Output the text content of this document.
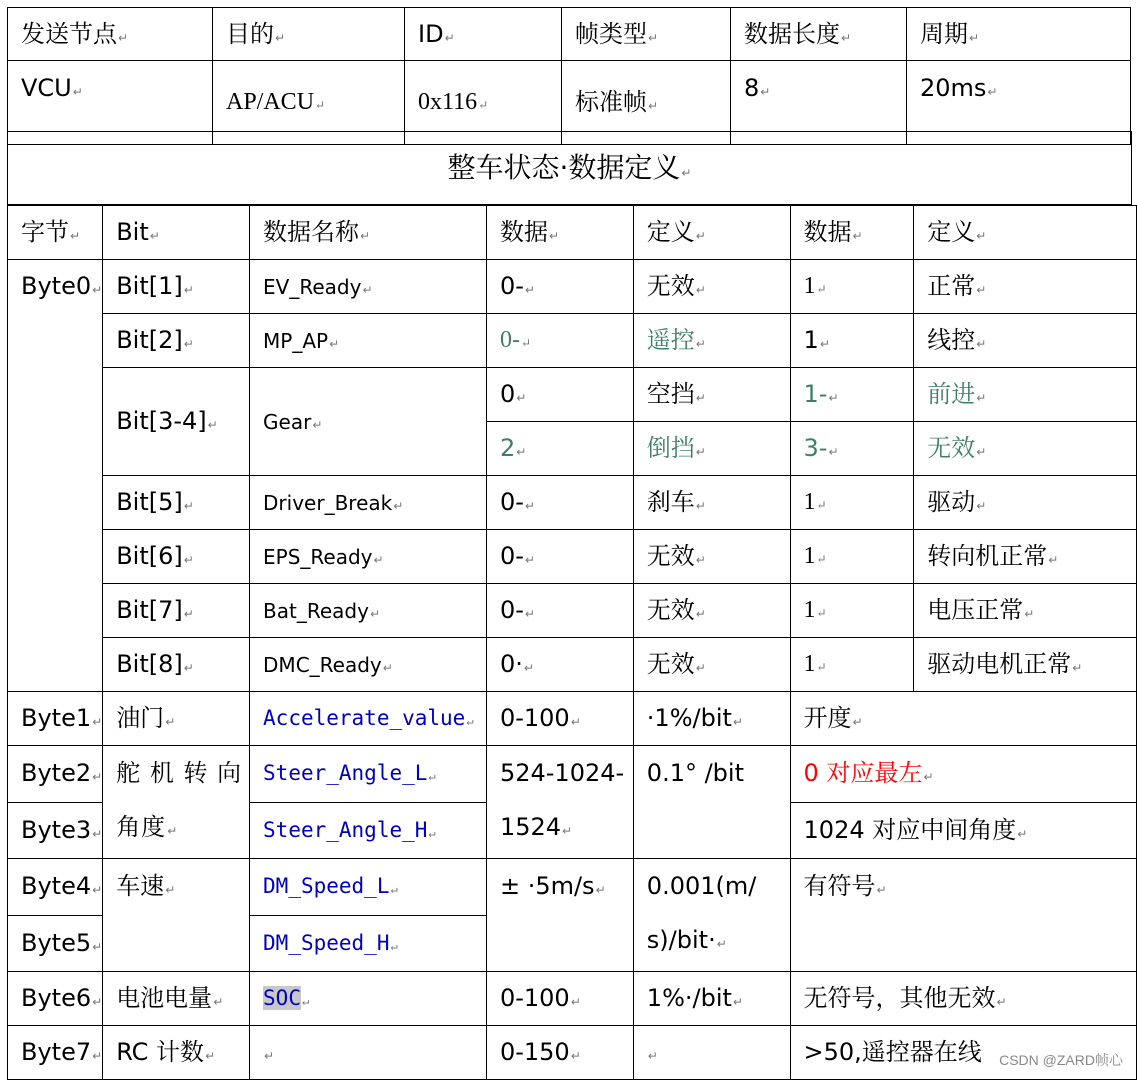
发送节点↵	目的↵	ID↵	帧类型↵	数据长度↵	周期↵
VCU↵	AP/ACU↵	0x116↵	标准帧↵	8↵	20ms↵
整车状态·数据定义↵
字节↵	Bit↵	数据名称↵	数据↵	定义↵	数据↵	定义↵
Byte0↵	Bit[1]↵	EV_Ready↵	0-↵	无效↵	1↵	正常↵
	Bit[2]↵	MP_AP↵	0-↵	遥控↵	1↵	线控↵
	Bit[3-4]↵	Gear↵	0↵	空挡↵	1-↵	前进↵
			2↵	倒挡↵	3-↵	无效↵
	Bit[5]↵	Driver_Break↵	0-↵	刹车↵	1↵	驱动↵
	Bit[6]↵	EPS_Ready↵	0-↵	无效↵	1↵	转向机正常↵
	Bit[7]↵	Bat_Ready↵	0-↵	无效↵	1↵	电压正常↵
	Bit[8]↵	DMC_Ready↵	0·↵	无效↵	1↵	驱动电机正常↵
Byte1↵	油门↵	Accelerate_value↵	0-100↵	·1%/bit↵	开度↵	
Byte2↵	舵 机 转 向 角度↵	Steer_Angle_L↵	524-1024-1524↵	0.1° /bit	0 对应最左↵	
Byte3↵		Steer_Angle_H↵			1024 对应中间角度↵	
Byte4↵	车速↵	DM_Speed_L↵	± ·5m/s↵	0.001(m/s)/bit·↵	有符号↵	
Byte5↵		DM_Speed_H↵				
Byte6↵	电池电量↵	SOC↵	0-100↵	1%·/bit↵	无符号，其他无效↵	
Byte7↵	RC 计数↵	↵	0-150↵	↵	>50,遥控器在线	CSDN @ZARD帧心
